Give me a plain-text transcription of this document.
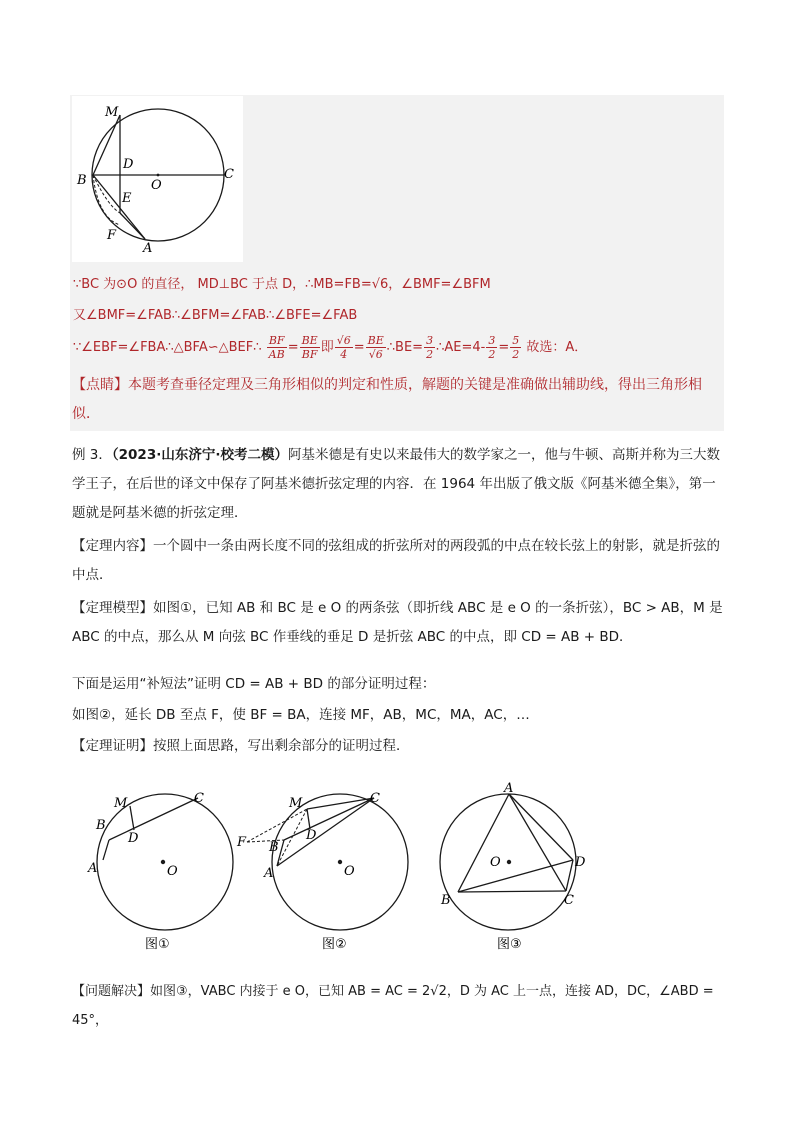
M
D
O
C
B
E
F
A
∵BC 为⊙O 的直径， MD⊥BC 于点 D，∴MB=FB=√6，∠BMF=∠BFM
又∠BMF=∠FAB∴∠BFM=∠FAB∴∠BFE=∠FAB
∵∠EBF=∠FBA∴△BFA∽△BEF∴ $\frac{BF}{AB} = \frac{BE}{BF}$ 即 $\frac{√6}{4} = \frac{BE}{√6}$ ∴BE= $\frac{3}{2}$ ∴AE=4- $\frac{3}{2} = \frac{5}{2}$ 故选：A．
【点睛】本题考查垂径定理及三角形相似的判定和性质，解题的关键是准确做出辅助线，得出三角形相似．
例 3．（2023·山东济宁·校考二模）阿基米德是有史以来最伟大的数学家之一，他与牛顿、高斯并称为三大数学王子，在后世的译文中保存了阿基米德折弦定理的内容．在 1964 年出版了俄文版《阿基米德全集》，第一题就是阿基米德的折弦定理．
【定理内容】一个圆中一条由两长度不同的弦组成的折弦所对的两段弧的中点在较长弦上的射影，就是折弦的中点．
【定理模型】如图①，已知 AB 和 BC 是 e O 的两条弦（即折线 ABC 是 e O 的一条折弦），BC > AB，M 是 ABC 的中点，那么从 M 向弦 BC 作垂线的垂足 D 是折弦 ABC 的中点，即 CD = AB + BD．
下面是运用“补短法”证明 CD = AB + BD 的部分证明过程：
如图②，延长 DB 至点 F，使 BF = BA，连接 MF，AB，MC，MA，AC，…
【定理证明】按照上面思路，写出剩余部分的证明过程．
M	C
B
D
A	O
图①
M	C
D
F B
A	O
图②
A
O	D
B	C
图③
【问题解决】如图③，VABC 内接于 e O，已知 AB = AC = 2√2，D 为 AC 上一点，连接 AD，DC，∠ABD = 45°，
